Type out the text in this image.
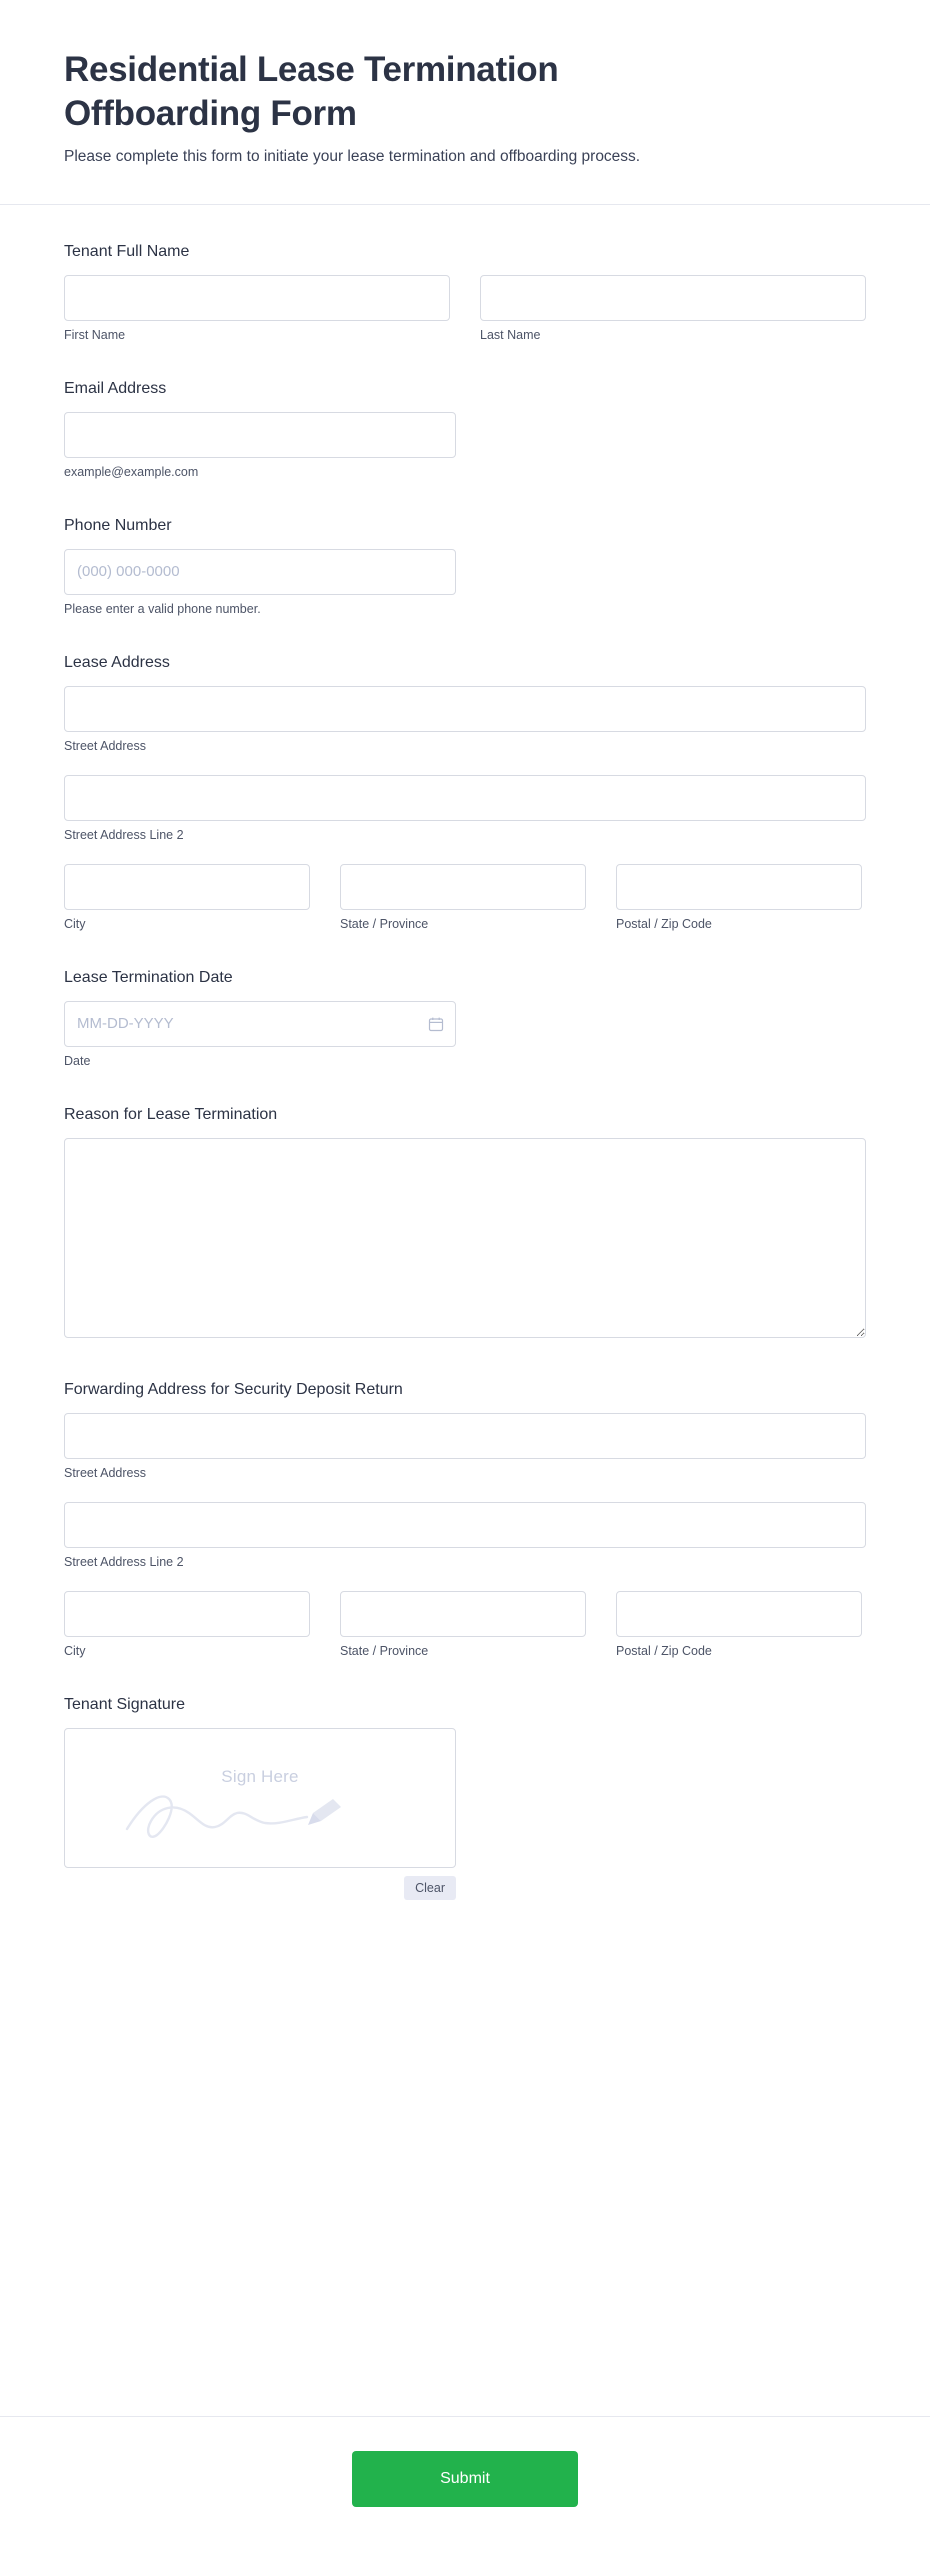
Residential Lease Termination Offboarding Form

Please complete this form to initiate your lease termination and offboarding process.

Tenant Full Name
First Name	Last Name
Email Address
example@example.com
Phone Number
(000) 000-0000
Please enter a valid phone number.
Lease Address
Street Address
Street Address Line 2
City	State / Province	Postal / Zip Code
Lease Termination Date
MM-DD-YYYY
Date
Reason for Lease Termination
Forwarding Address for Security Deposit Return
Street Address
Street Address Line 2
City	State / Province	Postal / Zip Code
Tenant Signature
Sign Here
Clear
Submit
